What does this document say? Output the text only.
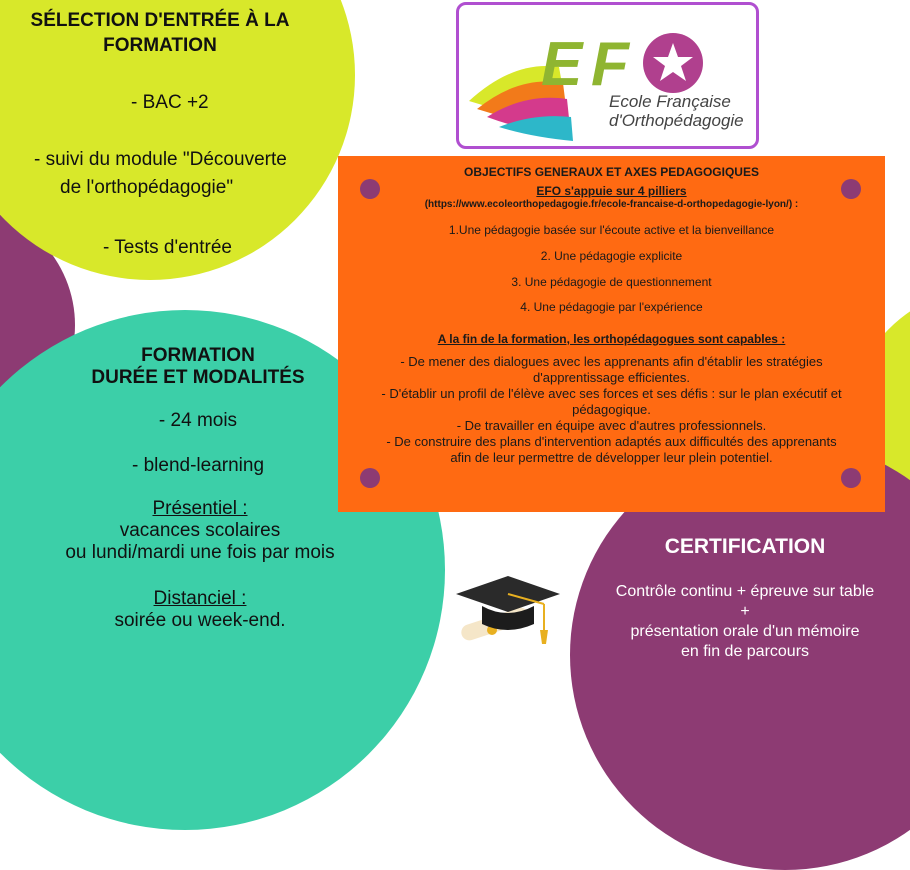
SÉLECTION D'ENTRÉE À LA
FORMATION
- BAC +2
- suivi du module "Découverte
de l'orthopédagogie"
- Tests d'entrée
FORMATION
DURÉE ET MODALITÉS
- 24 mois
- blend-learning
Présentiel :
vacances scolaires
ou lundi/mardi une fois par mois
Distanciel :
soirée ou week-end.
E F
Ecole Française
d'Orthopédagogie
OBJECTIFS GENERAUX ET AXES PEDAGOGIQUES
EFO s'appuie sur 4 pilliers
(https://www.ecoleorthopedagogie.fr/ecole-francaise-d-orthopedagogie-lyon/) :
1.Une pédagogie basée sur l'écoute active et la bienveillance
2. Une pédagogie explicite
3. Une pédagogie de questionnement
4. Une pédagogie par l'expérience
A la fin de la formation, les orthopédagogues sont capables :
- De mener des dialogues avec les apprenants afin d'établir les stratégies
d'apprentissage efficientes.
- D'établir un profil de l'élève avec ses forces et ses défis : sur le plan exécutif et
pédagogique.
- De travailler en équipe avec d'autres professionnels.
- De construire des plans d'intervention adaptés aux difficultés des apprenants
afin de leur permettre de développer leur plein potentiel.
CERTIFICATION
Contrôle continu + épreuve sur table
+
présentation orale d'un mémoire
en fin de parcours
